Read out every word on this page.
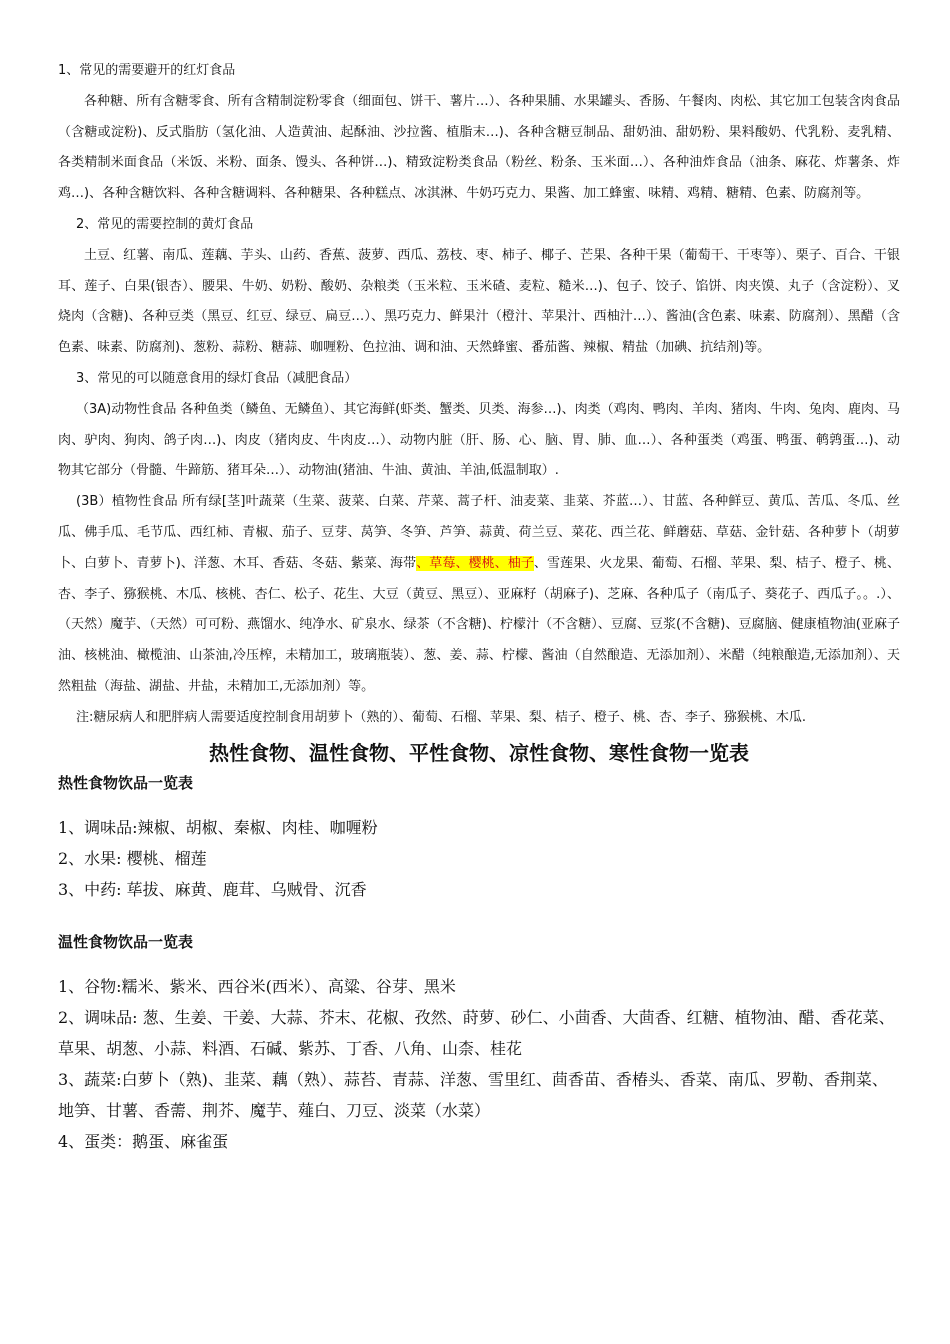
1、常见的需要避开的红灯食品

各种糖、所有含糖零食、所有含精制淀粉零食（细面包、饼干、薯片…）、各种果脯、水果罐头、香肠、午餐肉、肉松、其它加工包装含肉食品（含糖或淀粉)、反式脂肪（氢化油、人造黄油、起酥油、沙拉酱、植脂末…)、各种含糖豆制品、甜奶油、甜奶粉、果料酸奶、代乳粉、麦乳精、各类精制米面食品（米饭、米粉、面条、馒头、各种饼…)、精致淀粉类食品（粉丝、粉条、玉米面…）、各种油炸食品（油条、麻花、炸薯条、炸鸡…)、各种含糖饮料、各种含糖调料、各种糖果、各种糕点、冰淇淋、牛奶巧克力、果酱、加工蜂蜜、味精、鸡精、糖精、色素、防腐剂等。

2、常见的需要控制的黄灯食品

土豆、红薯、南瓜、莲藕、芋头、山药、香蕉、菠萝、西瓜、荔枝、枣、柿子、椰子、芒果、各种干果（葡萄干、干枣等）、栗子、百合、干银耳、莲子、白果(银杏）、腰果、牛奶、奶粉、酸奶、杂粮类（玉米粒、玉米碴、麦粒、糙米…)、包子、饺子、馅饼、肉夹馍、丸子（含淀粉）、叉烧肉（含糖)、各种豆类（黑豆、红豆、绿豆、扁豆…）、黑巧克力、鲜果汁（橙汁、苹果汁、西柚汁…）、酱油(含色素、味素、防腐剂）、黑醋（含色素、味素、防腐剂)、葱粉、蒜粉、糖蒜、咖喱粉、色拉油、调和油、天然蜂蜜、番茄酱、辣椒、精盐（加碘、抗结剂)等。

3、常见的可以随意食用的绿灯食品（减肥食品）

（3A)动物性食品 各种鱼类（鳞鱼、无鳞鱼）、其它海鲜(虾类、蟹类、贝类、海参…)、肉类（鸡肉、鸭肉、羊肉、猪肉、牛肉、兔肉、鹿肉、马肉、驴肉、狗肉、鸽子肉…)、肉皮（猪肉皮、牛肉皮…）、动物内脏（肝、肠、心、脑、胃、肺、血…）、各种蛋类（鸡蛋、鸭蛋、鹌鹑蛋…)、动物其它部分（骨髓、牛蹄筋、猪耳朵…）、动物油(猪油、牛油、黄油、羊油,低温制取）.

(3B）植物性食品 所有绿[茎]叶蔬菜（生菜、菠菜、白菜、芹菜、蒿子杆、油麦菜、韭菜、芥蓝…）、甘蓝、各种鲜豆、黄瓜、苦瓜、冬瓜、丝瓜、佛手瓜、毛节瓜、西红柿、青椒、茄子、豆芽、莴笋、冬笋、芦笋、蒜黄、荷兰豆、菜花、西兰花、鲜蘑菇、草菇、金针菇、各种萝卜（胡萝卜、白萝卜、青萝卜)、洋葱、木耳、香菇、冬菇、紫菜、海带、草莓、樱桃、柚子、雪莲果、火龙果、葡萄、石榴、苹果、梨、桔子、橙子、桃、杏、李子、猕猴桃、木瓜、核桃、杏仁、松子、花生、大豆（黄豆、黑豆）、亚麻籽（胡麻子)、芝麻、各种瓜子（南瓜子、葵花子、西瓜子。。.）、（天然）魔芋、（天然）可可粉、燕馏水、纯净水、矿泉水、绿茶（不含糖)、柠檬汁（不含糖）、豆腐、豆浆(不含糖)、豆腐脑、健康植物油(亚麻子油、核桃油、橄榄油、山茶油,冷压榨，未精加工，玻璃瓶装）、葱、姜、蒜、柠檬、酱油（自然酿造、无添加剂）、米醋（纯粮酿造,无添加剂）、天然粗盐（海盐、湖盐、井盐，未精加工,无添加剂）等。

注:糖尿病人和肥胖病人需要适度控制食用胡萝卜（熟的）、葡萄、石榴、苹果、梨、桔子、橙子、桃、杏、李子、猕猴桃、木瓜.

热性食物、温性食物、平性食物、凉性食物、寒性食物一览表
热性食物饮品一览表

1、调味品:辣椒、胡椒、秦椒、肉桂、咖喱粉

2、水果: 樱桃、榴莲

3、中药: 荜拔、麻黄、鹿茸、乌贼骨、沉香

温性食物饮品一览表

1、谷物:糯米、紫米、西谷米(西米）、高粱、谷芽、黑米

2、调味品: 葱、生姜、干姜、大蒜、芥末、花椒、孜然、莳萝、砂仁、小茴香、大茴香、红糖、植物油、醋、香花菜、草果、胡葱、小蒜、料酒、石碱、紫苏、丁香、八角、山柰、桂花

3、蔬菜:白萝卜（熟)、韭菜、藕（熟）、蒜苔、青蒜、洋葱、雪里红、茴香苗、香椿头、香菜、南瓜、罗勒、香荆菜、地笋、甘薯、香薷、荆芥、魔芋、薤白、刀豆、淡菜（水菜）

4、蛋类：鹅蛋、麻雀蛋
